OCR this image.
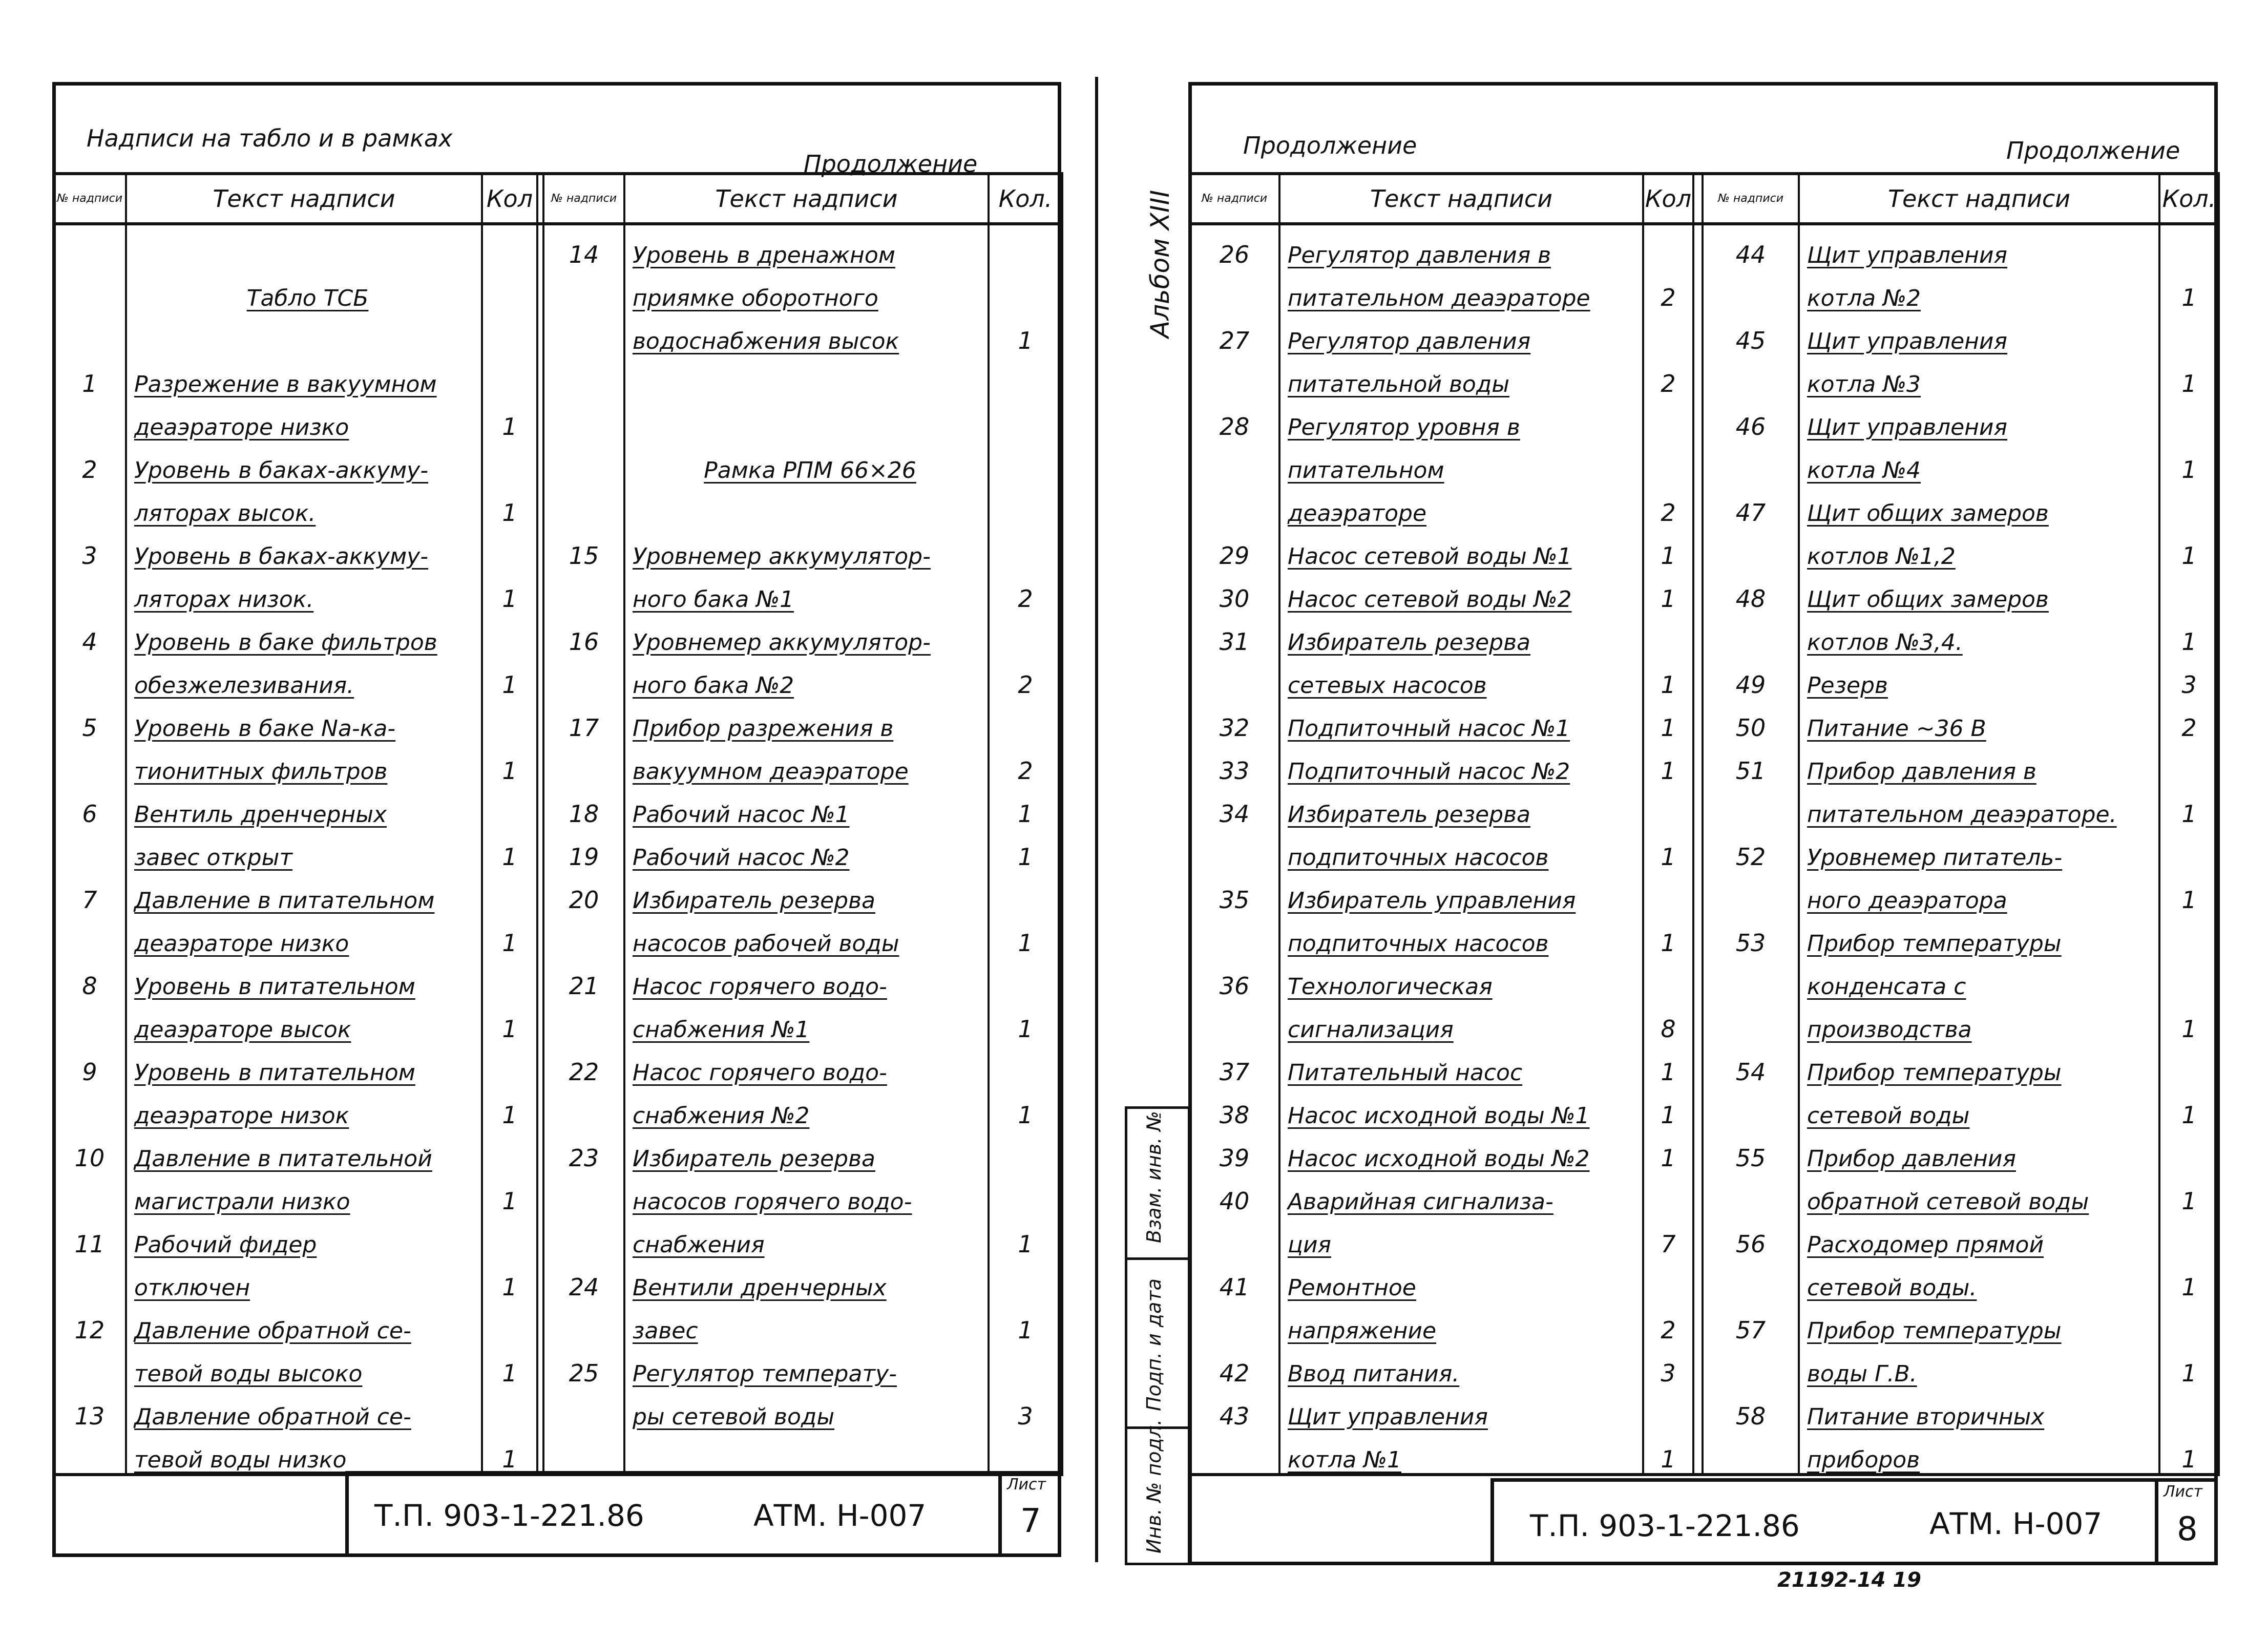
Надписи на табло и в рамках
Продолжение
№ надписи	Текст надписи	Кол		№ надписи	Текст надписи	Кол.
				14	Уровень в дренажном	
	Табло ТСБ				приямке оборотного	
					водоснабжения высок	1
1	Разрежение в вакуумном					
	деаэраторе низко	1				
2	Уровень в баках-аккуму-				Рамка РПМ 66×26	
	ляторах высок.	1				
3	Уровень в баках-аккуму-			15	Уровнемер аккумулятор-	
	ляторах низок.	1			ного бака №1	2
4	Уровень в баке фильтров			16	Уровнемер аккумулятор-	
	обезжелезивания.	1			ного бака №2	2
5	Уровень в баке Na-ка-			17	Прибор разрежения в	
	тионитных фильтров	1			вакуумном деаэраторе	2
6	Вентиль дренчерных			18	Рабочий насос №1	1
	завес открыт	1		19	Рабочий насос №2	1
7	Давление в питательном			20	Избиратель резерва	
	деаэраторе низко	1			насосов рабочей воды	1
8	Уровень в питательном			21	Насос горячего водо-	
	деаэраторе высок	1			снабжения №1	1
9	Уровень в питательном			22	Насос горячего водо-	
	деаэраторе низок	1			снабжения №2	1
10	Давление в питательной			23	Избиратель резерва	
	магистрали низко	1			насосов горячего водо-	
11	Рабочий фидер				снабжения	1
	отключен	1		24	Вентили дренчерных	
12	Давление обратной се-				завес	1
	тевой воды высоко	1		25	Регулятор температу-	
13	Давление обратной се-				ры сетевой воды	3
	тевой воды низко	1				
Т.П. 903-1-221.86	АТМ. Н-007
Лист
7
Продолжение	Продолжение
Альбом XIII № надписи	Текст надписи	Кол		№ надписи	Текст надписи	Кол.
26	Регулятор давления в			44	Щит управления	
	питательном деаэраторе	2			котла №2	1
27	Регулятор давления			45	Щит управления	
	питательной воды	2			котла №3	1
28	Регулятор уровня в			46	Щит управления	
	питательном				котла №4	1
	деаэраторе	2		47	Щит общих замеров	
29	Насос сетевой воды №1	1			котлов №1,2	1
30	Насос сетевой воды №2	1		48	Щит общих замеров	
31	Избиратель резерва				котлов №3,4.	1
	сетевых насосов	1		49	Резерв	3
32	Подпиточный насос №1	1		50	Питание ~36 В	2
33	Подпиточный насос №2	1		51	Прибор давления в	
34	Избиратель резерва				питательном деаэраторе.	1
	подпиточных насосов	1		52	Уровнемер питатель-	
35	Избиратель управления				ного деаэратора	1
	подпиточных насосов	1		53	Прибор температуры	
36	Технологическая				конденсата с	
	сигнализация	8			производства	1
37	Питательный насос	1		54	Прибор температуры	
38	Насос исходной воды №1	1			сетевой воды	1
39	Насос исходной воды №2	1		55	Прибор давления	
40	Аварийная сигнализа-				обратной сетевой воды	1
	ция	7		56	Расходомер прямой	
41	Ремонтное				сетевой воды.	1
	напряжение	2		57	Прибор температуры	
42	Ввод питания.	3			воды Г.В.	1
43	Щит управления			58	Питание вторичных	
	котла №1	1			приборов	1
Взам. инв. №
Подп. и дата
Инв. № подл.	Т.П. 903-1-221.86	АТМ. Н-007
Лист
8
21192-14 19
